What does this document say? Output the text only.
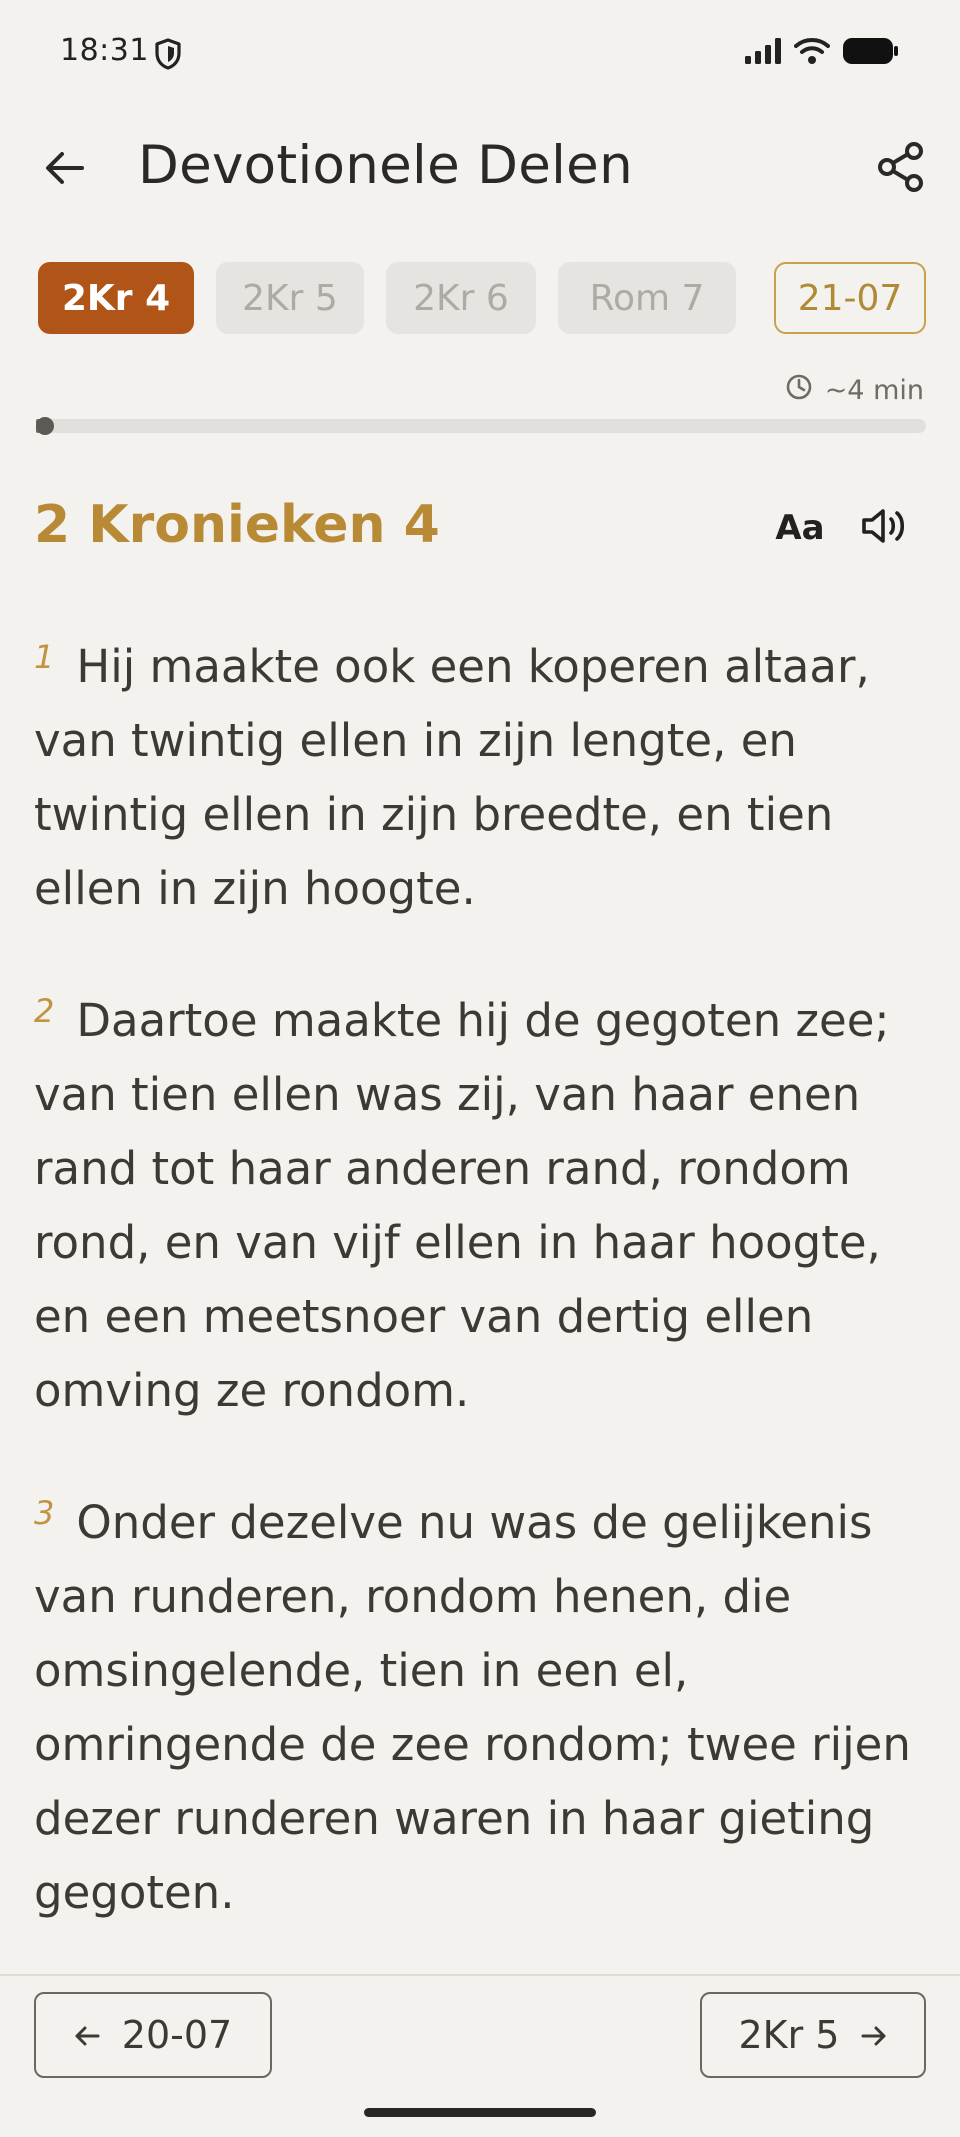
18:31
Devotionele Delen
2Kr 4	2Kr 5	2Kr 6	Rom 7	21-07
~4 min
2 Kronieken 4	Aa

$^1$ Hij maakte ook een koperen altaar, van twintig ellen in zijn lengte, en twintig ellen in zijn breedte, en tien ellen in zijn hoogte.

$^2$ Daartoe maakte hij de gegoten zee; van tien ellen was zij, van haar enen rand tot haar anderen rand, rondom rond, en van vijf ellen in haar hoogte, en een meetsnoer van dertig ellen omving ze rondom.

$^3$ Onder dezelve nu was de gelijkenis van runderen, rondom henen, die omsingelende, tien in een el, omringende de zee rondom; twee rijen dezer runderen waren in haar gieting gegoten.

20-07	2Kr 5
